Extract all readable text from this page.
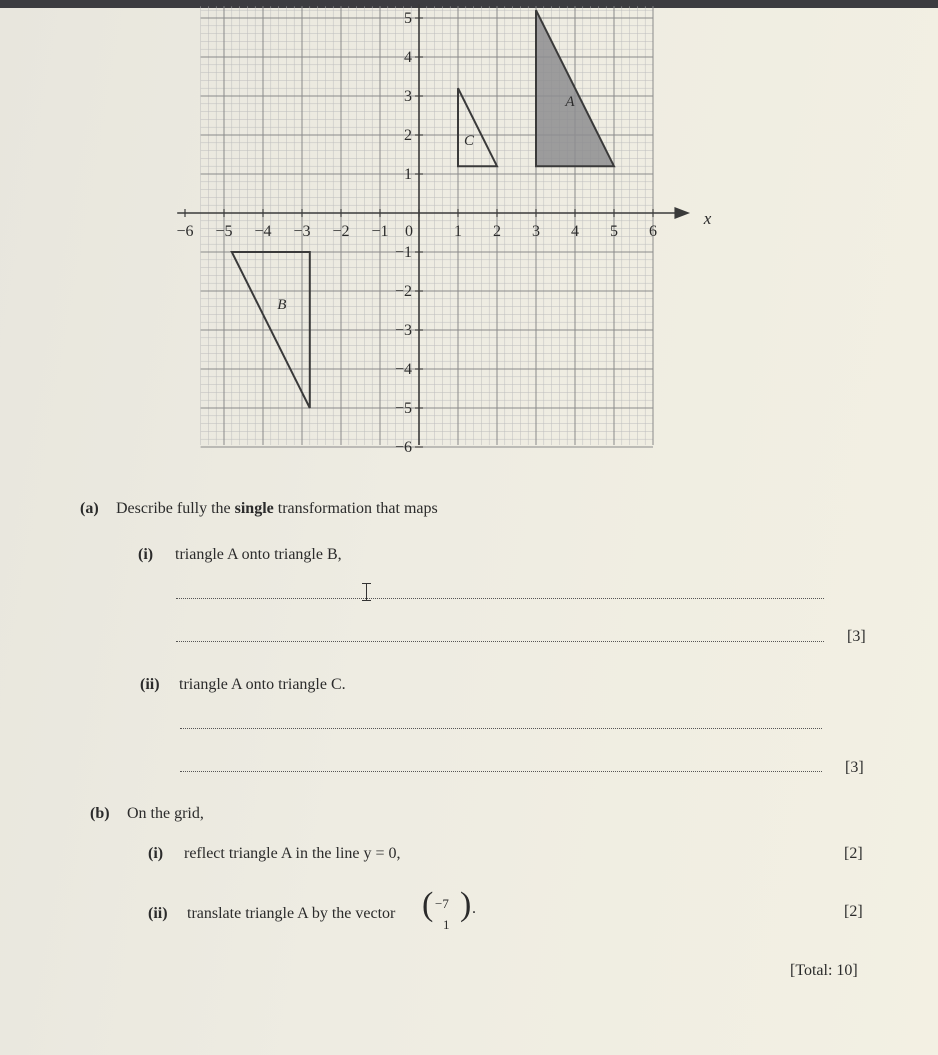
−6 −5 −4 −3 −2 −1 0	1 2 3 4 5 6
5
4
3
2
1
−1
−2
−3
−4
−5
−6
x
A
B
C
(a) Describe fully the single transformation that maps
(i) triangle A onto triangle B,
[3]
(ii) triangle A onto triangle C.
[3]
(b) On the grid,
(i) reflect triangle A in the line y = 0,	[2]
(ii) translate triangle A by the vector ( −7
1
) .	[2]
[Total: 10]
